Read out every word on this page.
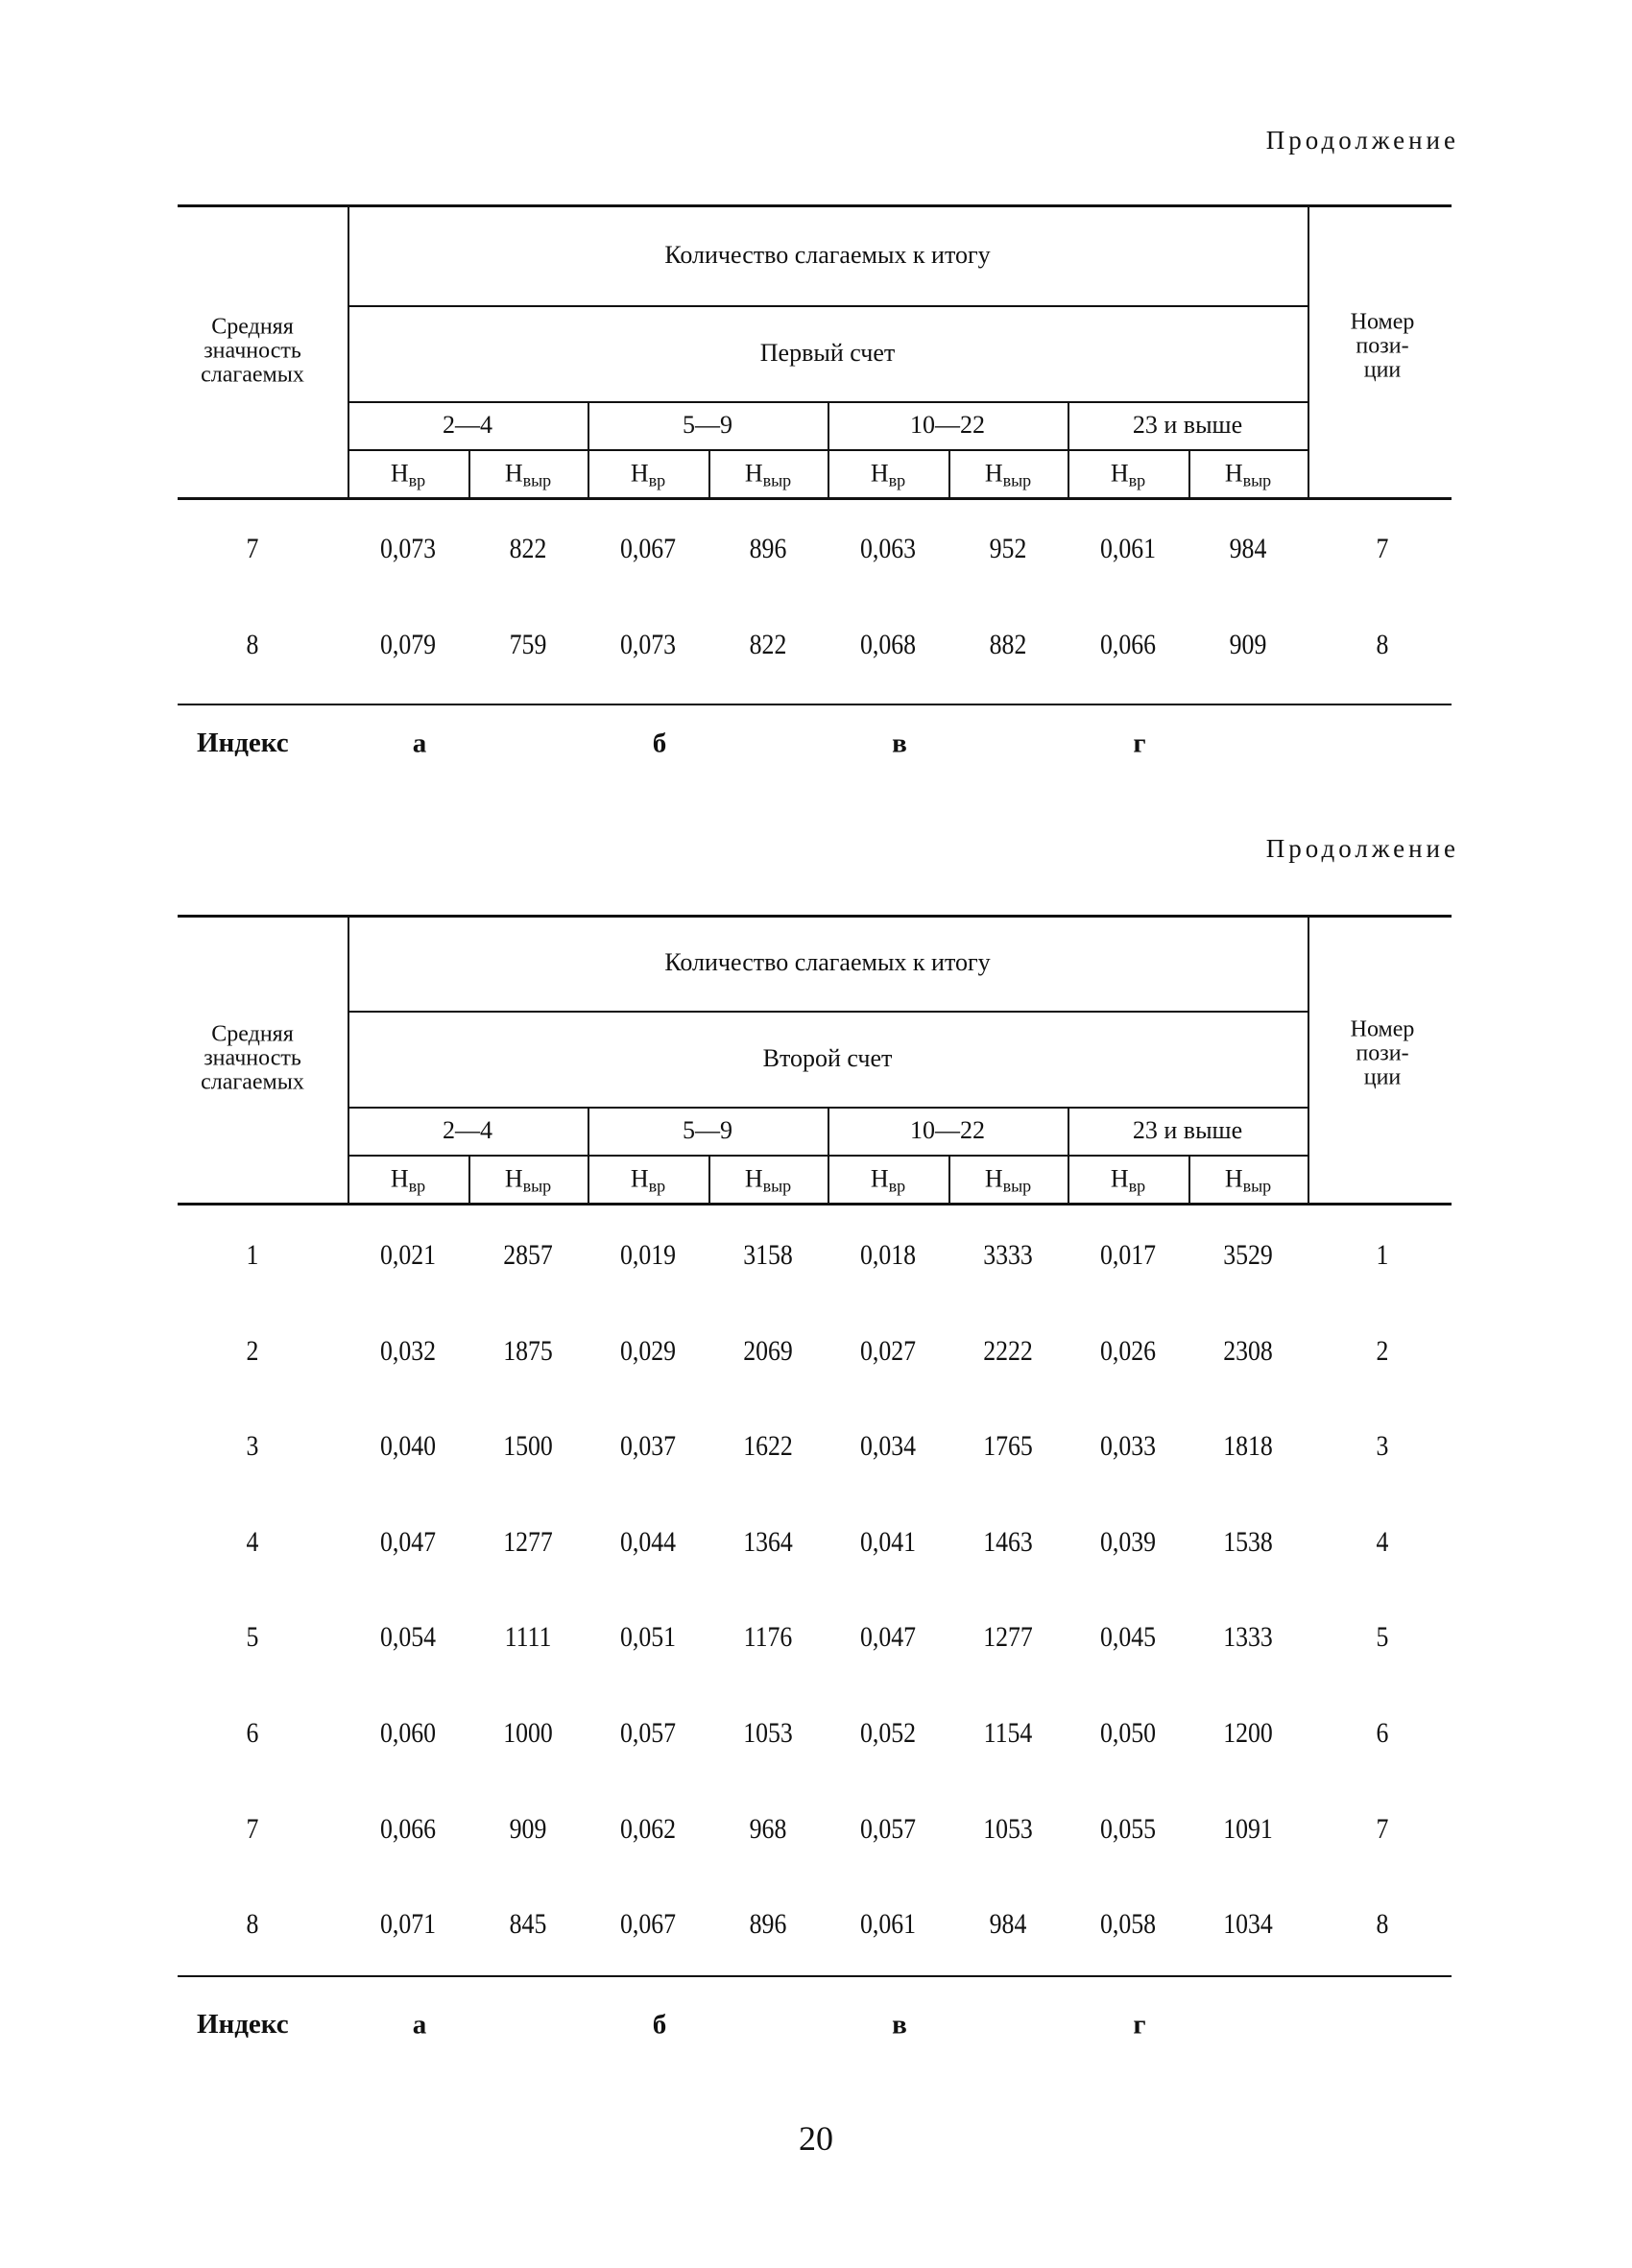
Продолжение
Средняя
значность
слагаемых
Номер
пози-
ции
Количество слагаемых к итогу
Первый счет
2—4	5—9	10—22	23 и выше
$Н_{вр}$	$Н_{выр}$	$Н_{вр}$	$Н_{выр}$	$Н_{вр}$	$Н_{выр}$	$Н_{вр}$	$Н_{выр}$
7	0,073	822	0,067	896	0,063	952	0,061	984	7
8	0,079	759	0,073	822	0,068	882	0,066	909	8
Индекс	а	б	в	г
Продолжение
Средняя
значность
слагаемых
Номер
пози-
ции
Количество слагаемых к итогу
Второй счет
2—4	5—9	10—22	23 и выше
$Н_{вр}$	$Н_{выр}$	$Н_{вр}$	$Н_{выр}$	$Н_{вр}$	$Н_{выр}$	$Н_{вр}$	$Н_{выр}$
1	0,021 2857 0,019 3158 0,018 3333 0,017 3529	1
2	0,032 1875 0,029 2069 0,027 2222 0,026 2308	2
3	0,040 1500 0,037 1622 0,034 1765 0,033 1818	3
4	0,047 1277 0,044 1364 0,041 1463 0,039 1538	4
5	0,054 1111 0,051 1176 0,047 1277 0,045 1333	5
6	0,060 1000 0,057 1053 0,052 1154 0,050 1200	6
7	0,066	909	0,062	968	0,057 1053 0,055 1091	7
8	0,071	845	0,067	896	0,061	984	0,058 1034	8
Индекс	а	б	в	г
20
